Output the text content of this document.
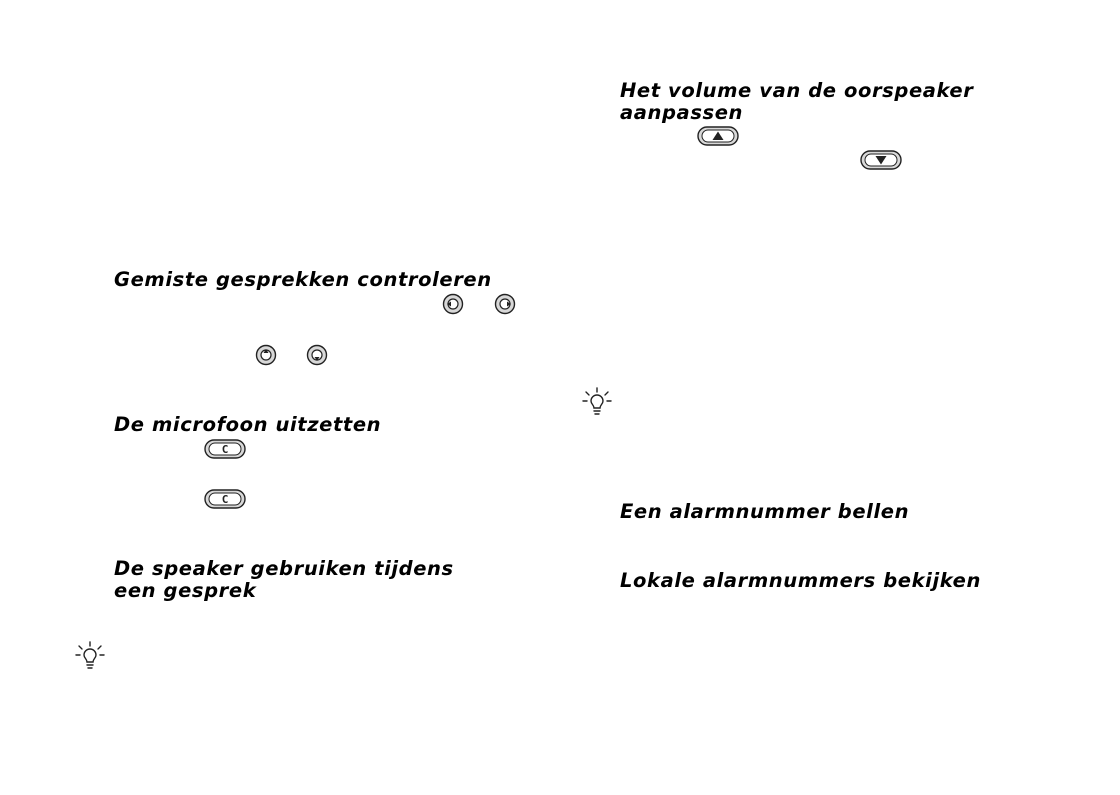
Gemiste gesprekken controleren
De microfoon uitzetten
C
C
De speaker gebruiken tijdens
een gesprek
Het volume van de oorspeaker
aanpassen
Een alarmnummer bellen
Lokale alarmnummers bekijken
